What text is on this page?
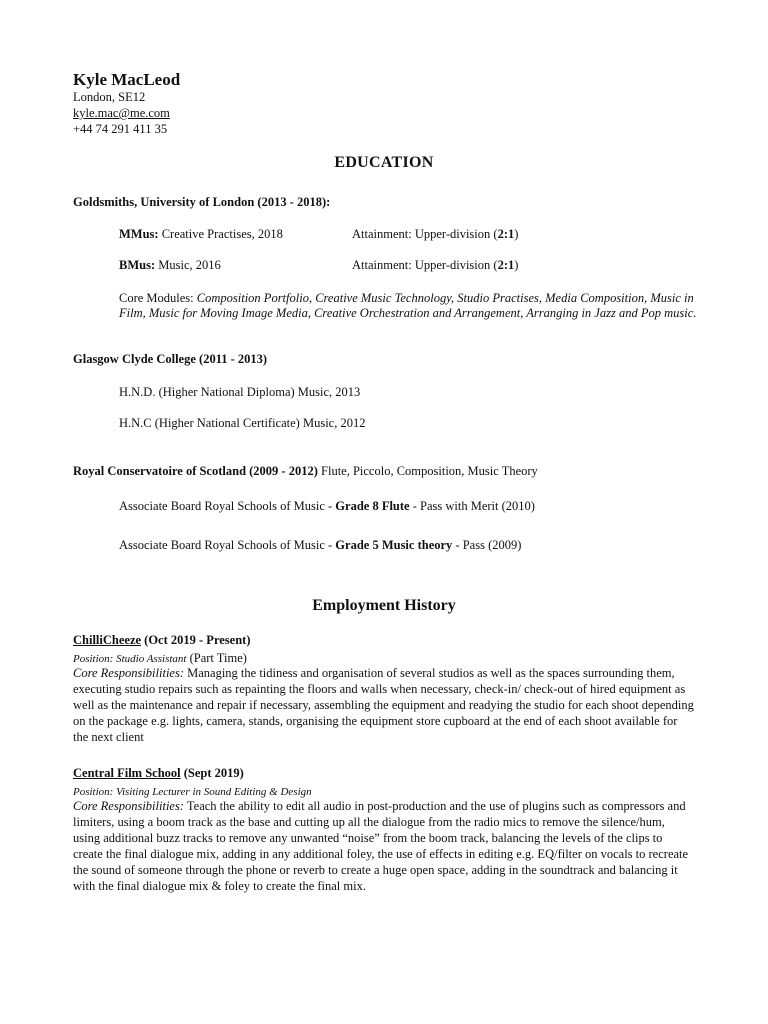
Kyle MacLeod
London, SE12
kyle.mac@me.com
+44 74 291 411 35
EDUCATION
Goldsmiths, University of London (2013 - 2018):
MMus: Creative Practises, 2018	Attainment: Upper-division (2:1)
BMus: Music, 2016	Attainment: Upper-division (2:1)
Core Modules: Composition Portfolio, Creative Music Technology, Studio Practises, Media Composition, Music in
Film, Music for Moving Image Media, Creative Orchestration and Arrangement, Arranging in Jazz and Pop music.
Glasgow Clyde College (2011 - 2013)
H.N.D. (Higher National Diploma) Music, 2013
H.N.C (Higher National Certificate) Music, 2012
Royal Conservatoire of Scotland (2009 - 2012) Flute, Piccolo, Composition, Music Theory
Associate Board Royal Schools of Music - Grade 8 Flute - Pass with Merit (2010)
Associate Board Royal Schools of Music - Grade 5 Music theory - Pass (2009)
Employment History
ChilliCheeze (Oct 2019 - Present)
Position: Studio Assistant (Part Time)
Core Responsibilities: Managing the tidiness and organisation of several studios as well as the spaces surrounding them, executing studio repairs such as repainting the floors and walls when necessary, check-in/ check-out of hired equipment as well as the maintenance and repair if necessary, assembling the equipment and readying the studio for each shoot depending on the package e.g. lights, camera, stands, organising the equipment store cupboard at the end of each shoot available for the next client
Central Film School (Sept 2019)
Position: Visiting Lecturer in Sound Editing & Design
Core Responsibilities: Teach the ability to edit all audio in post-production and the use of plugins such as compressors and limiters, using a boom track as the base and cutting up all the dialogue from the radio mics to remove the silence/hum, using additional buzz tracks to remove any unwanted “noise” from the boom track, balancing the levels of the clips to create the final dialogue mix, adding in any additional foley, the use of effects in editing e.g. EQ/filter on vocals to recreate the sound of someone through the phone or reverb to create a huge open space, adding in the soundtrack and balancing it with the final dialogue mix & foley to create the final mix.
